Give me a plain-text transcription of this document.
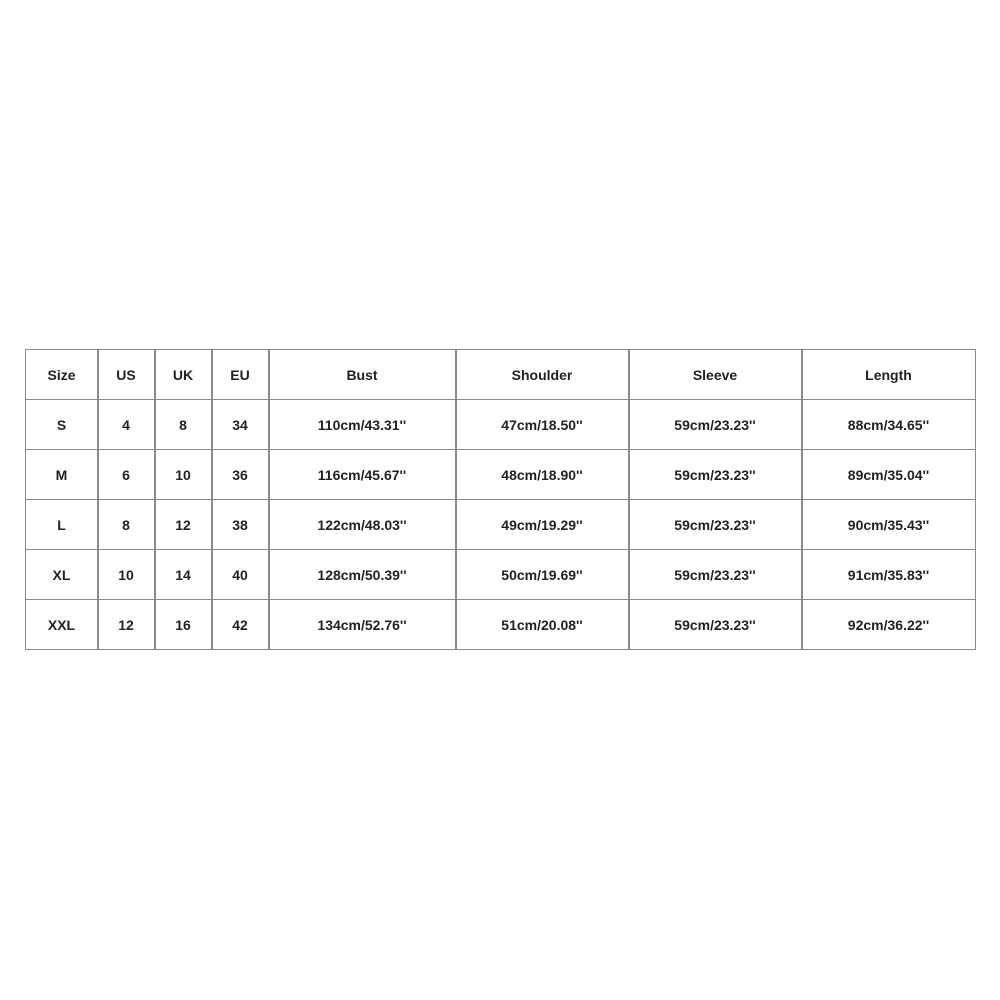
Size	US	UK	EU	Bust	Shoulder	Sleeve	Length
S	4	8	34	110cm/43.31''	47cm/18.50''	59cm/23.23''	88cm/34.65''
M	6	10	36	116cm/45.67''	48cm/18.90''	59cm/23.23''	89cm/35.04''
L	8	12	38	122cm/48.03''	49cm/19.29''	59cm/23.23''	90cm/35.43''
XL	10	14	40	128cm/50.39''	50cm/19.69''	59cm/23.23''	91cm/35.83''
XXL	12	16	42	134cm/52.76''	51cm/20.08''	59cm/23.23''	92cm/36.22''
